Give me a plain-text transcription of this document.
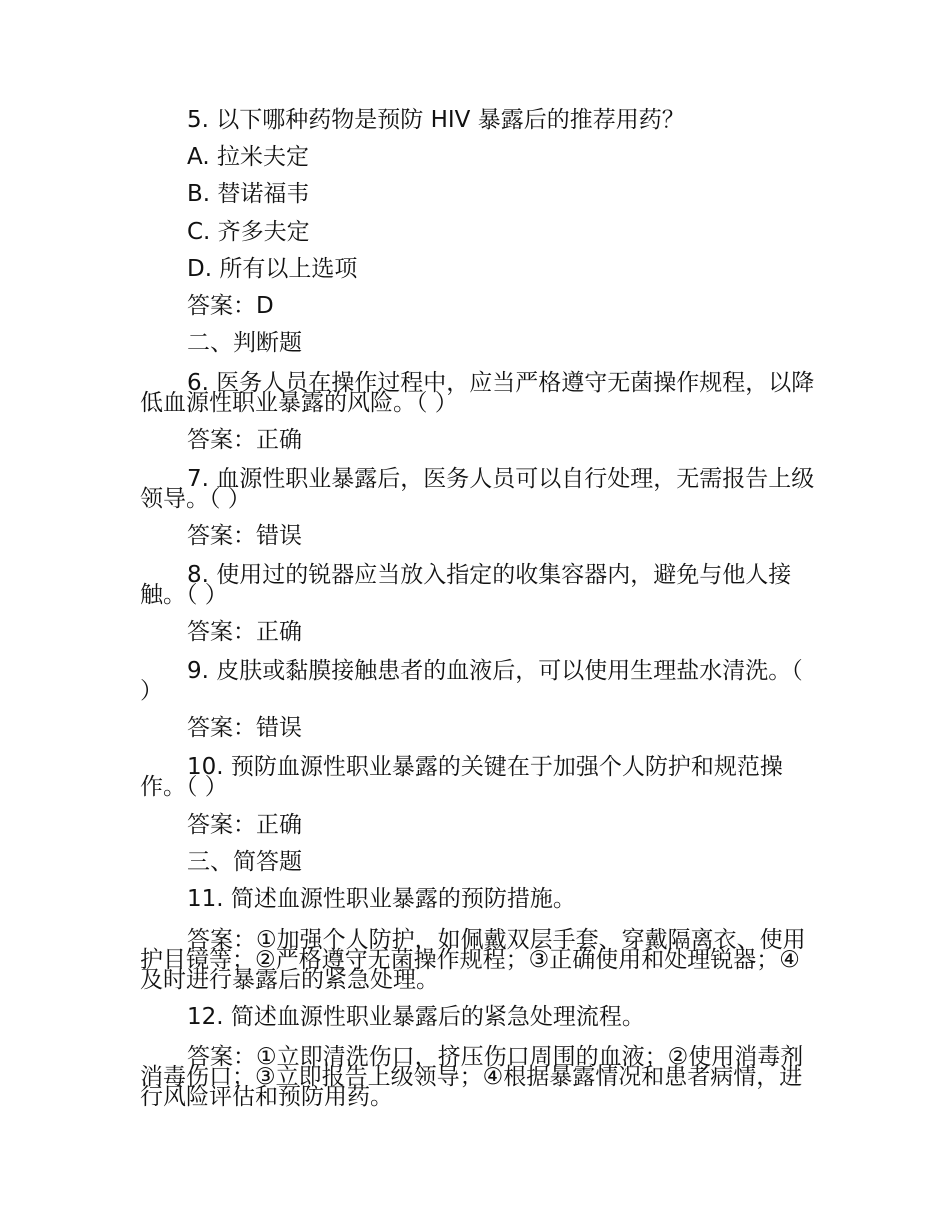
5. 以下哪种药物是预防 HIV 暴露后的推荐用药？
A. 拉米夫定
B. 替诺福韦
C. 齐多夫定
D. 所有以上选项
答案：D
二、判断题
6. 医务人员在操作过程中，应当严格遵守无菌操作规程，以降低血源性职业暴露的风险。（ ）
答案：正确
7. 血源性职业暴露后，医务人员可以自行处理，无需报告上级领导。（ ）
答案：错误
8. 使用过的锐器应当放入指定的收集容器内，避免与他人接触。（ ）
答案：正确
9. 皮肤或黏膜接触患者的血液后，可以使用生理盐水清洗。（ ）
答案：错误
10. 预防血源性职业暴露的关键在于加强个人防护和规范操作。（ ）
答案：正确
三、简答题
11. 简述血源性职业暴露的预防措施。
答案：①加强个人防护，如佩戴双层手套、穿戴隔离衣、使用护目镜等；②严格遵守无菌操作规程；③正确使用和处理锐器；④及时进行暴露后的紧急处理。
12. 简述血源性职业暴露后的紧急处理流程。
答案：①立即清洗伤口，挤压伤口周围的血液；②使用消毒剂消毒伤口；③立即报告上级领导；④根据暴露情况和患者病情，进行风险评估和预防用药。
